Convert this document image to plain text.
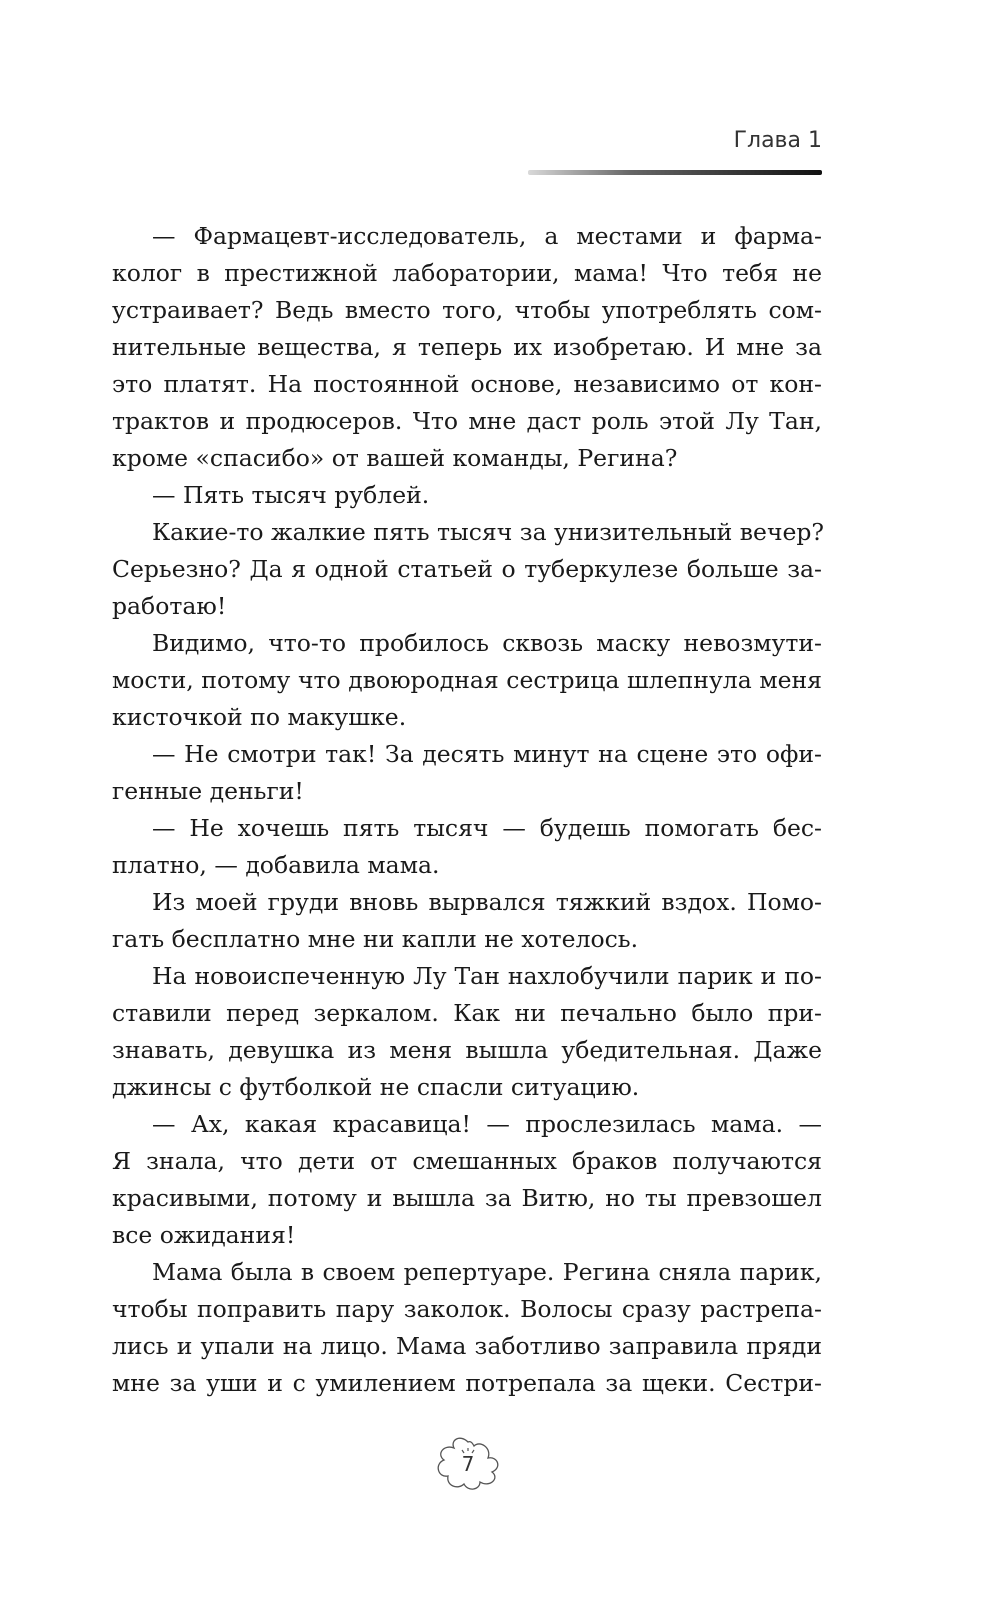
Глава 1
— Фармацевт-исследователь, а местами и фарма-
колог в престижной лаборатории, мама! Что тебя не
устраивает? Ведь вместо того, чтобы употреблять сом-
нительные вещества, я теперь их изобретаю. И мне за
это платят. На постоянной основе, независимо от кон-
трактов и продюсеров. Что мне даст роль этой Лу Тан,
кроме «спасибо» от вашей команды, Регина?
— Пять тысяч рублей.
Какие-то жалкие пять тысяч за унизительный вечер?
Серьезно? Да я одной статьей о туберкулезе больше за-
работаю!
Видимо, что-то пробилось сквозь маску невозмути-
мости, потому что двоюродная сестрица шлепнула меня
кисточкой по макушке.
— Не смотри так! За десять минут на сцене это офи-
генные деньги!
— Не хочешь пять тысяч — будешь помогать бес-
платно, — добавила мама.
Из моей груди вновь вырвался тяжкий вздох. Помо-
гать бесплатно мне ни капли не хотелось.
На новоиспеченную Лу Тан нахлобучили парик и по-
ставили перед зеркалом. Как ни печально было при-
знавать, девушка из меня вышла убедительная. Даже
джинсы с футболкой не спасли ситуацию.
— Ах, какая красавица! — прослезилась мама. —
Я знала, что дети от смешанных браков получаются
красивыми, потому и вышла за Витю, но ты превзошел
все ожидания!
Мама была в своем репертуаре. Регина сняла парик,
чтобы поправить пару заколок. Волосы сразу растрепа-
лись и упали на лицо. Мама заботливо заправила пряди
мне за уши и с умилением потрепала за щеки. Сестри-
7
